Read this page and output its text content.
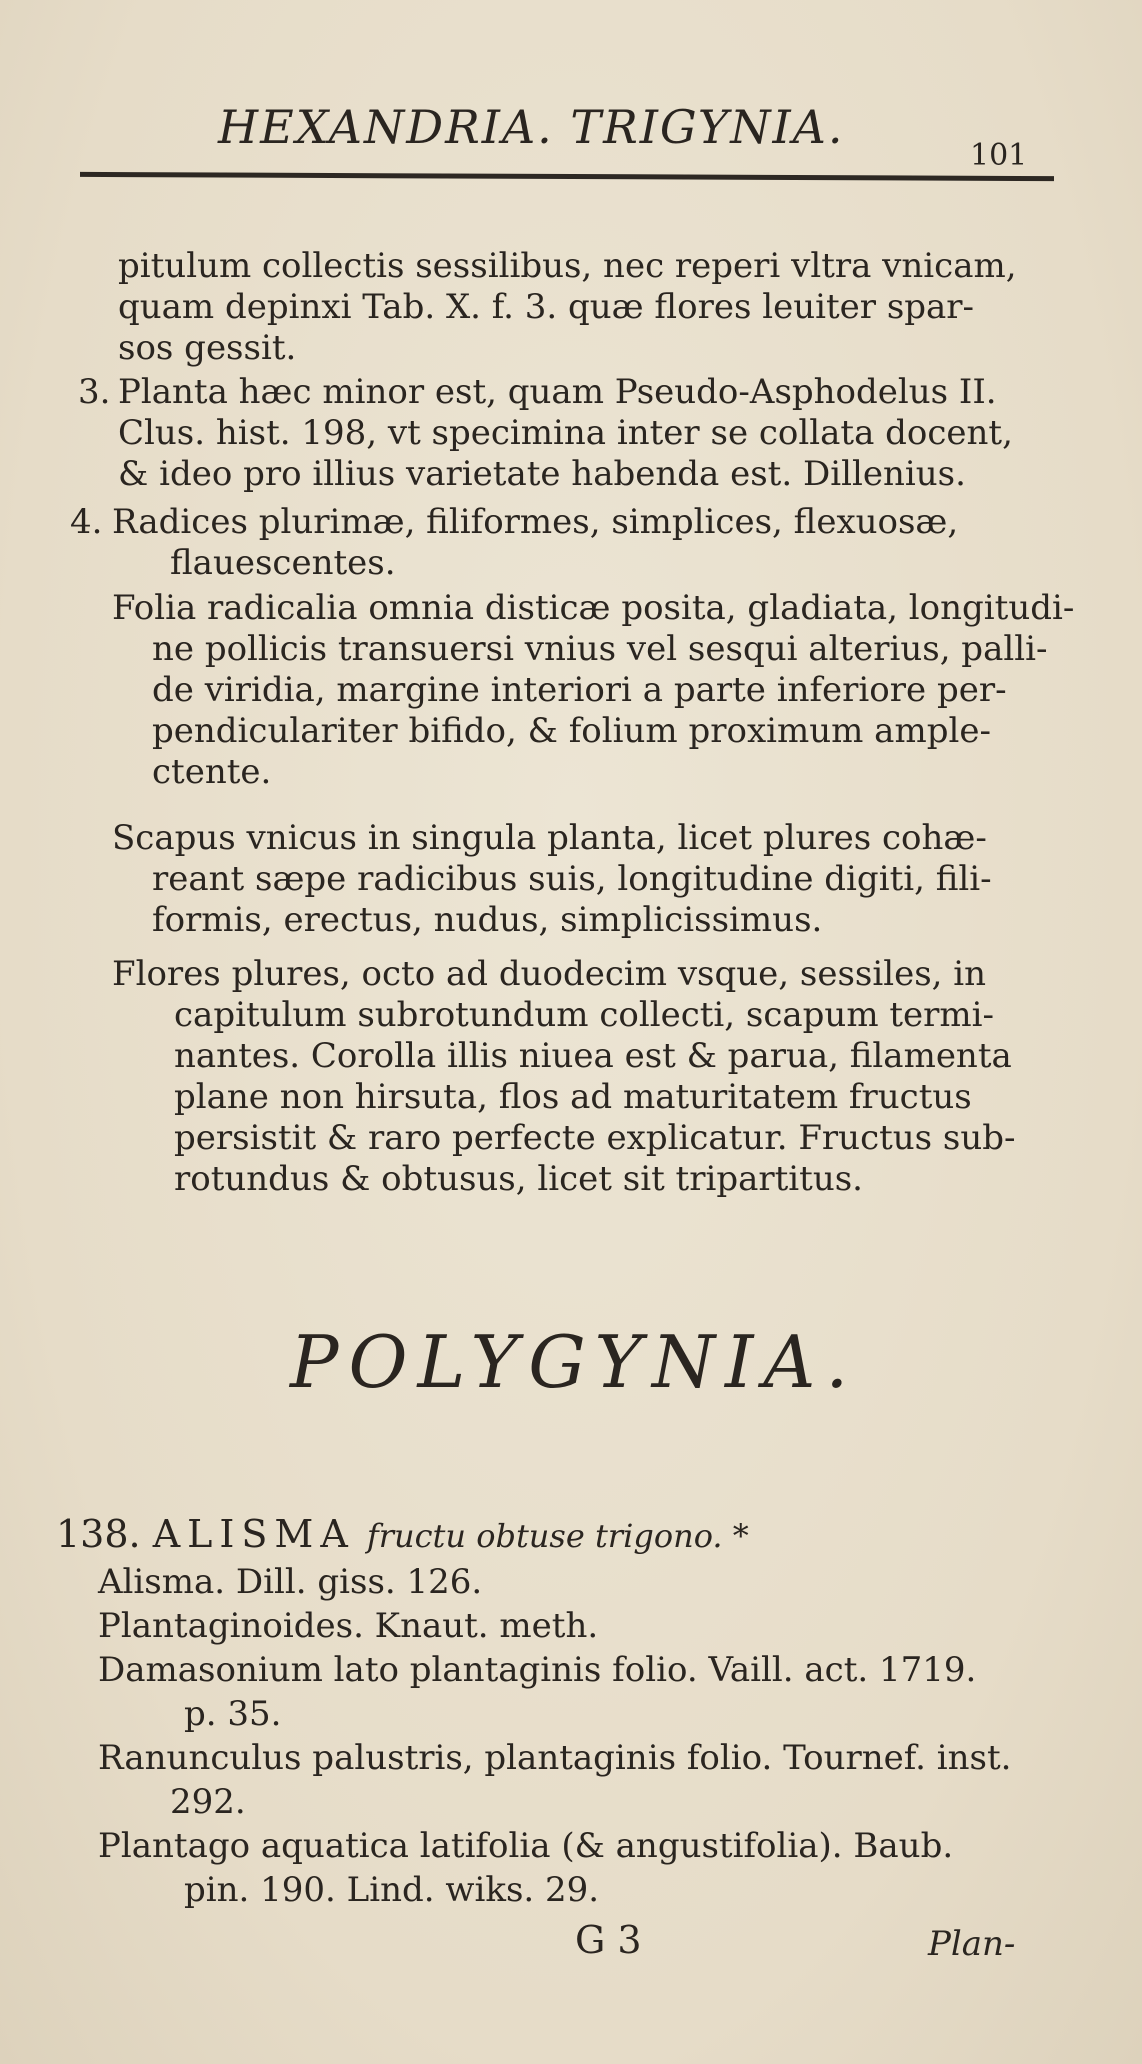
HEXANDRIA. TRIGYNIA.
101
pitulum collectis sessilibus, nec reperi vltra vnicam,
quam depinxi Tab. X. f. 3. quæ flores leuiter spar-
sos gessit.
3. Planta hæc minor est, quam Pseudo-Asphodelus II.
Clus. hist. 198, vt specimina inter se collata docent,
& ideo pro illius varietate habenda est. Dillenius.
4. Radices plurimæ, filiformes, simplices, flexuosæ,
flauescentes.
Folia radicalia omnia disticæ posita, gladiata, longitudi-
ne pollicis transuersi vnius vel sesqui alterius, palli-
de viridia, margine interiori a parte inferiore per-
pendiculariter bifido, & folium proximum ample-
ctente.
Scapus vnicus in singula planta, licet plures cohæ-
reant sæpe radicibus suis, longitudine digiti, fili-
formis, erectus, nudus, simplicissimus.
Flores plures, octo ad duodecim vsque, sessiles, in
capitulum subrotundum collecti, scapum termi-
nantes. Corolla illis niuea est & parua, filamenta
plane non hirsuta, flos ad maturitatem fructus
persistit & raro perfecte explicatur. Fructus sub-
rotundus & obtusus, licet sit tripartitus.
POLYGYNIA.
138. ALISMA fructu obtuse trigono. *
Alisma. Dill. giss. 126.
Plantaginoides. Knaut. meth.
Damasonium lato plantaginis folio. Vaill. act. 1719.
p. 35.
Ranunculus palustris, plantaginis folio. Tournef. inst.
292.
Plantago aquatica latifolia (& angustifolia). Baub.
pin. 190. Lind. wiks. 29.
G 3	Plan-
